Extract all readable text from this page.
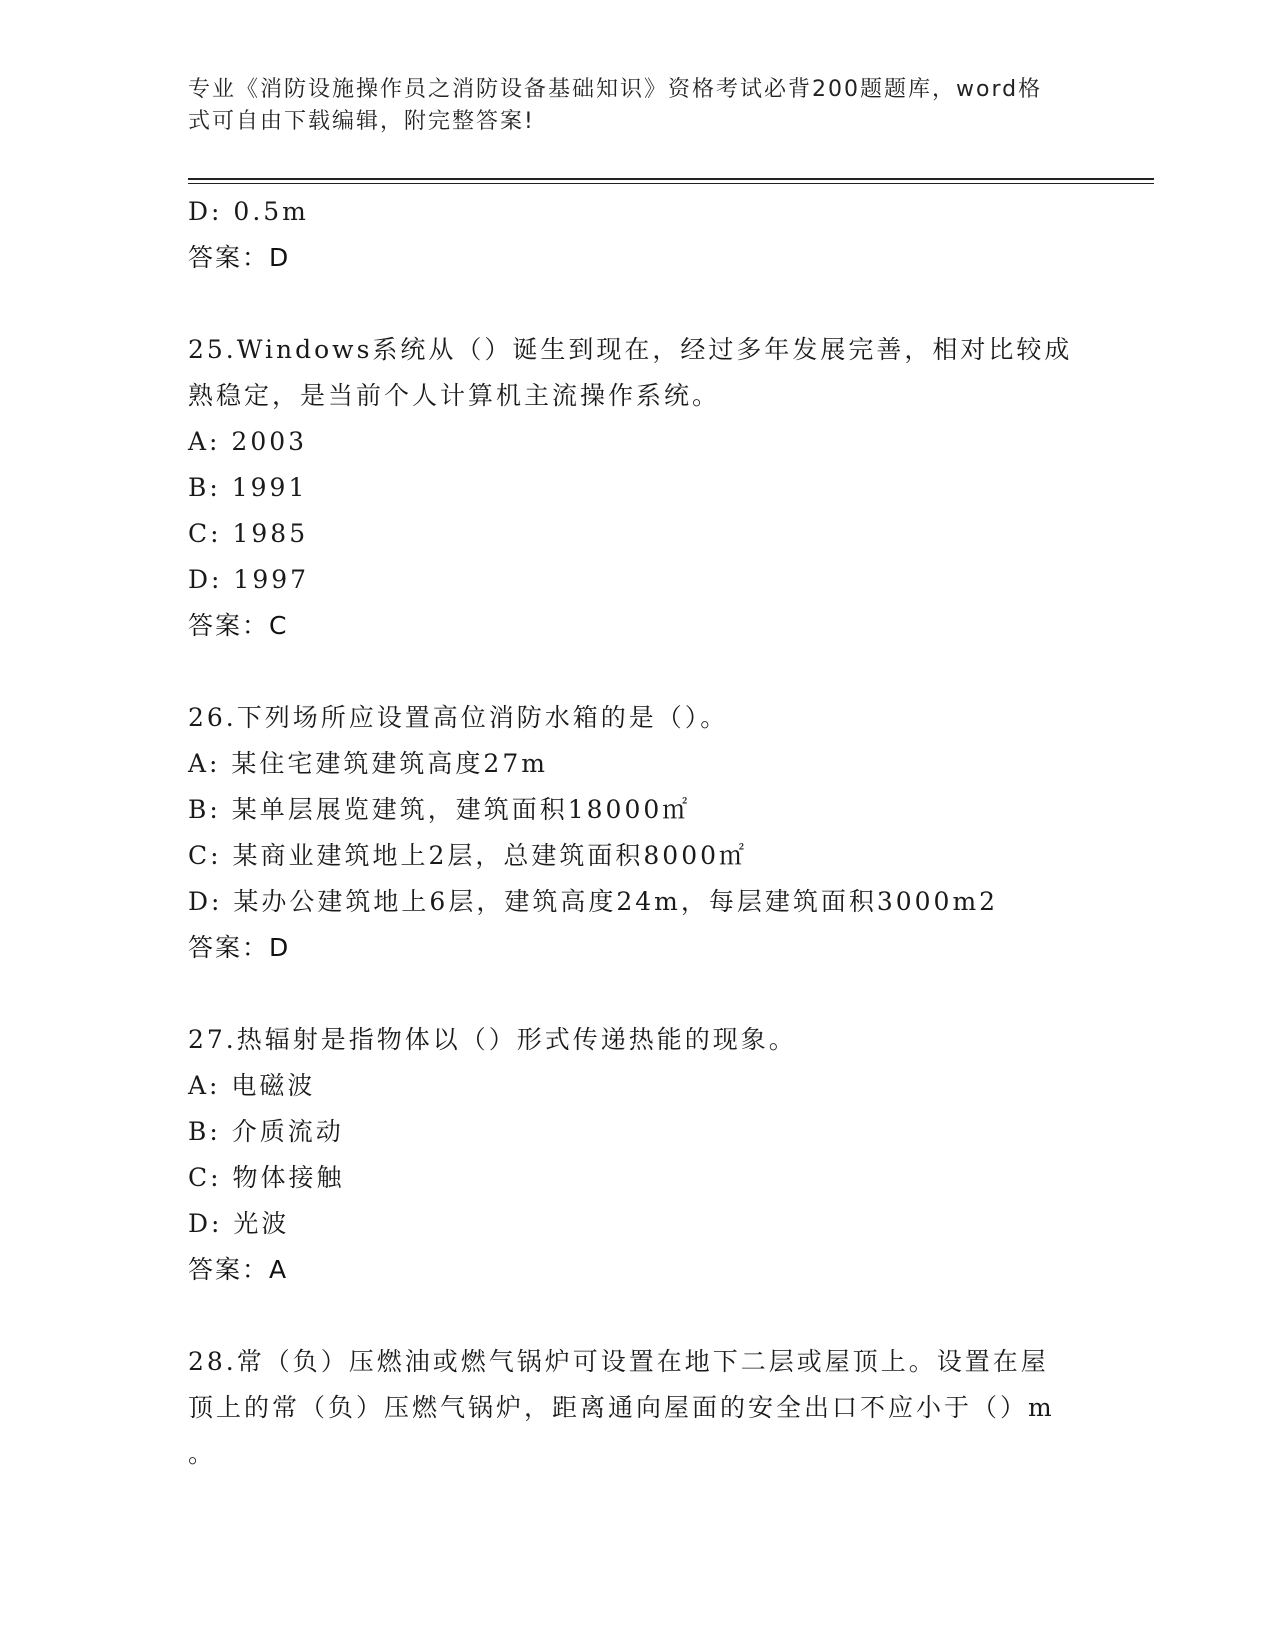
专业《消防设施操作员之消防设备基础知识》资格考试必背200题题库，word格
式可自由下载编辑，附完整答案!
D: 0.5m
答案：D
25.Windows系统从（）诞生到现在，经过多年发展完善，相对比较成
熟稳定，是当前个人计算机主流操作系统。
A: 2003
B: 1991
C: 1985
D: 1997
答案：C
26.下列场所应设置高位消防水箱的是（）。
A: 某住宅建筑建筑高度27m
B: 某单层展览建筑，建筑面积18000㎡
C: 某商业建筑地上2层，总建筑面积8000㎡
D: 某办公建筑地上6层，建筑高度24m，每层建筑面积3000m2
答案：D
27.热辐射是指物体以（）形式传递热能的现象。
A: 电磁波
B: 介质流动
C: 物体接触
D: 光波
答案：A
28.常（负）压燃油或燃气锅炉可设置在地下二层或屋顶上。设置在屋
顶上的常（负）压燃气锅炉，距离通向屋面的安全出口不应小于（）m
。
